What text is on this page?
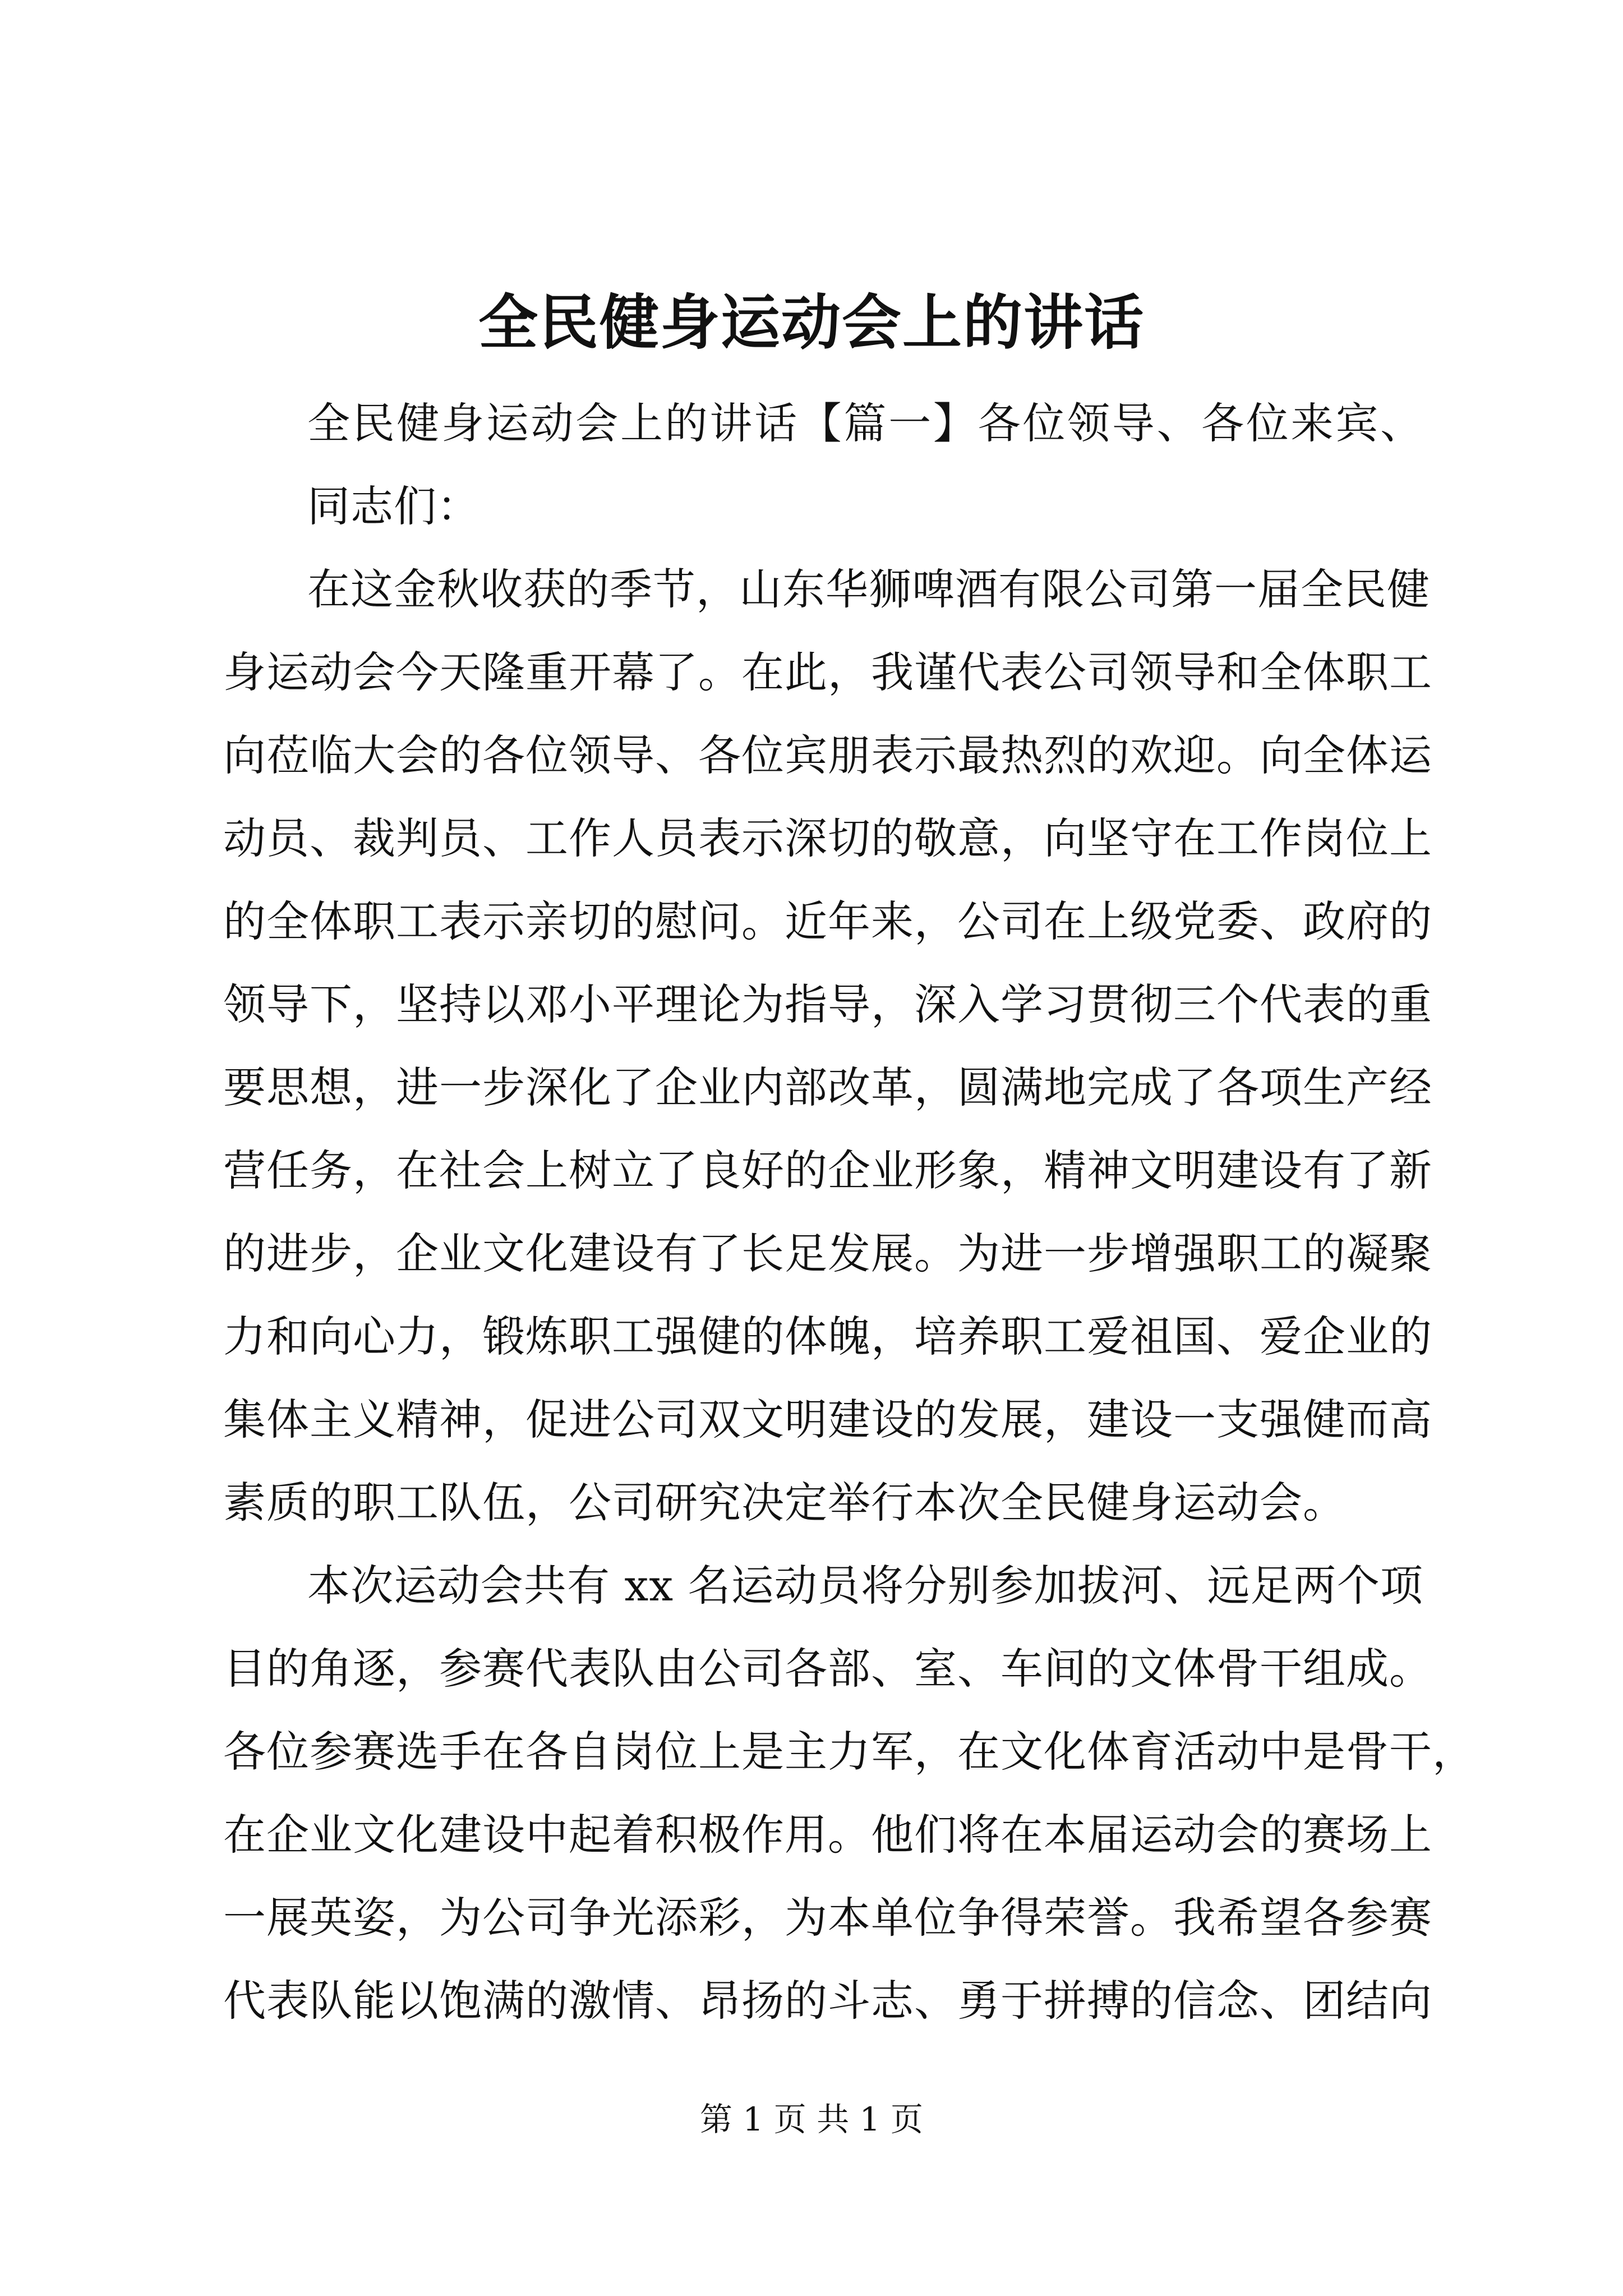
全民健身运动会上的讲话
全民健身运动会上的讲话【篇一】各位领导、各位来宾、
同志们：
在这金秋收获的季节，山东华狮啤酒有限公司第一届全民健
身运动会今天隆重开幕了。在此，我谨代表公司领导和全体职工
向莅临大会的各位领导、各位宾朋表示最热烈的欢迎。向全体运
动员、裁判员、工作人员表示深切的敬意，向坚守在工作岗位上
的全体职工表示亲切的慰问。近年来，公司在上级党委、政府的
领导下，坚持以邓小平理论为指导，深入学习贯彻三个代表的重
要思想，进一步深化了企业内部改革，圆满地完成了各项生产经
营任务，在社会上树立了良好的企业形象，精神文明建设有了新
的进步，企业文化建设有了长足发展。为进一步增强职工的凝聚
力和向心力，锻炼职工强健的体魄，培养职工爱祖国、爱企业的
集体主义精神，促进公司双文明建设的发展，建设一支强健而高
素质的职工队伍，公司研究决定举行本次全民健身运动会。
本次运动会共有 xx 名运动员将分别参加拔河、远足两个项
目的角逐，参赛代表队由公司各部、室、车间的文体骨干组成。
各位参赛选手在各自岗位上是主力军，在文化体育活动中是骨干，
在企业文化建设中起着积极作用。他们将在本届运动会的赛场上
一展英姿，为公司争光添彩，为本单位争得荣誉。我希望各参赛
代表队能以饱满的激情、昂扬的斗志、勇于拼搏的信念、团结向
第 1 页 共 1 页
